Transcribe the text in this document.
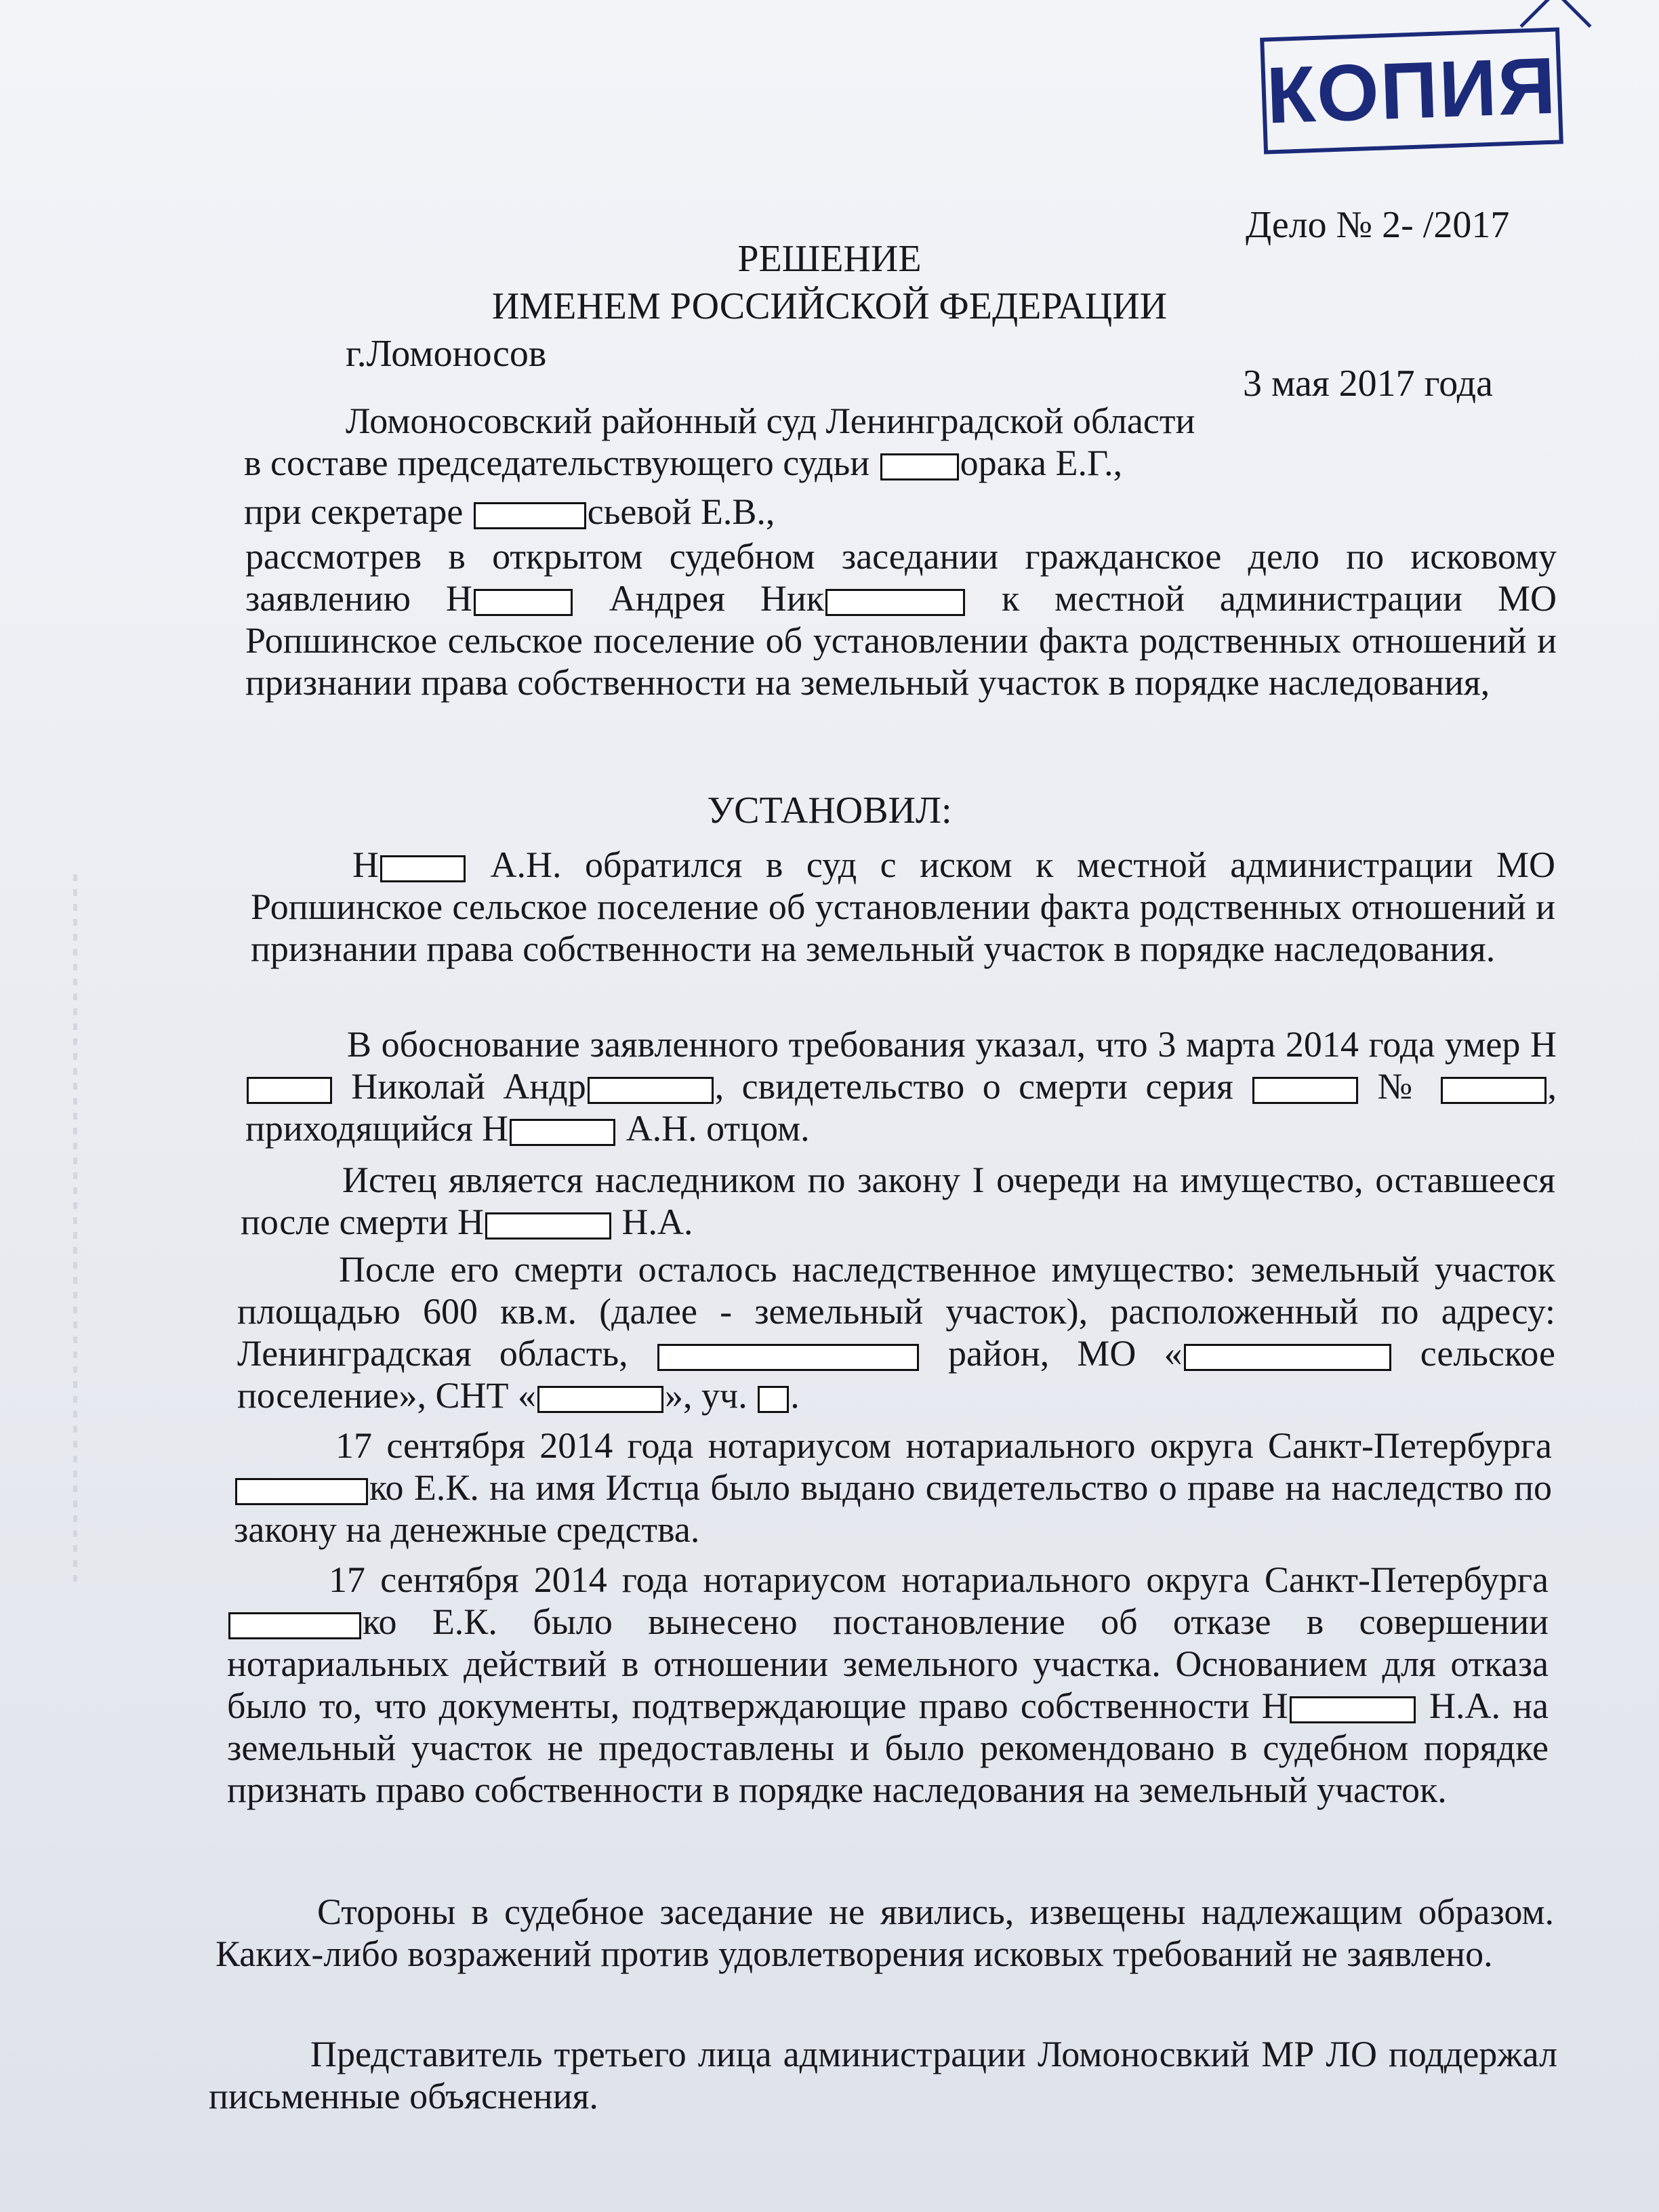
КОПИЯ
Дело № 2- /2017
РЕШЕНИЕ
ИМЕНЕМ РОССИЙСКОЙ ФЕДЕРАЦИИ
г.Ломоносов
3 мая 2017 года

Ломоносовский районный суд Ленинградской области

в составе председательствующего судьи орака Е.Г.,

при секретаре	сьевой Е.В.,

рассмотрев в открытом судебном заседании гражданское дело по исковому заявлению Н	Андрея Ник	к местной администрации МО Ропшинское сельское поселение об установлении факта родственных отношений и признании права собственности на земельный участок в порядке наследования,

УСТАНОВИЛ:

Н	А.Н. обратился в суд с иском к местной администрации МО Ропшинское сельское поселение об установлении факта родственных отношений и признании права собственности на земельный участок в порядке наследования.

В обоснование заявленного требования указал, что 3 марта 2014 года умер Н Николай Андр	, свидетельство о смерти серия	№	, приходящийся Н	А.Н. отцом.

Истец является наследником по закону I очереди на имущество, оставшееся после смерти Н	Н.А.

После его смерти осталось наследственное имущество: земельный участок площадью 600 кв.м. (далее - земельный участок), расположенный по адресу: Ленинградская область,	район, МО «	сельское поселение», СНТ «	», уч. .

17 сентября 2014 года нотариусом нотариального округа Санкт-Петербурга ко Е.К. на имя Истца было выдано свидетельство о праве на наследство по закону на денежные средства.

17 сентября 2014 года нотариусом нотариального округа Санкт-Петербурга ко Е.К. было вынесено постановление об отказе в совершении нотариальных действий в отношении земельного участка. Основанием для отказа было то, что документы, подтверждающие право собственности Н	Н.А. на земельный участок не предоставлены и было рекомендовано в судебном порядке признать право собственности в порядке наследования на земельный участок.

Стороны в судебное заседание не явились, извещены надлежащим образом. Каких-либо возражений против удовлетворения исковых требований не заявлено.

Представитель третьего лица администрации Ломоносвкий МР ЛО поддержал письменные объяснения.
